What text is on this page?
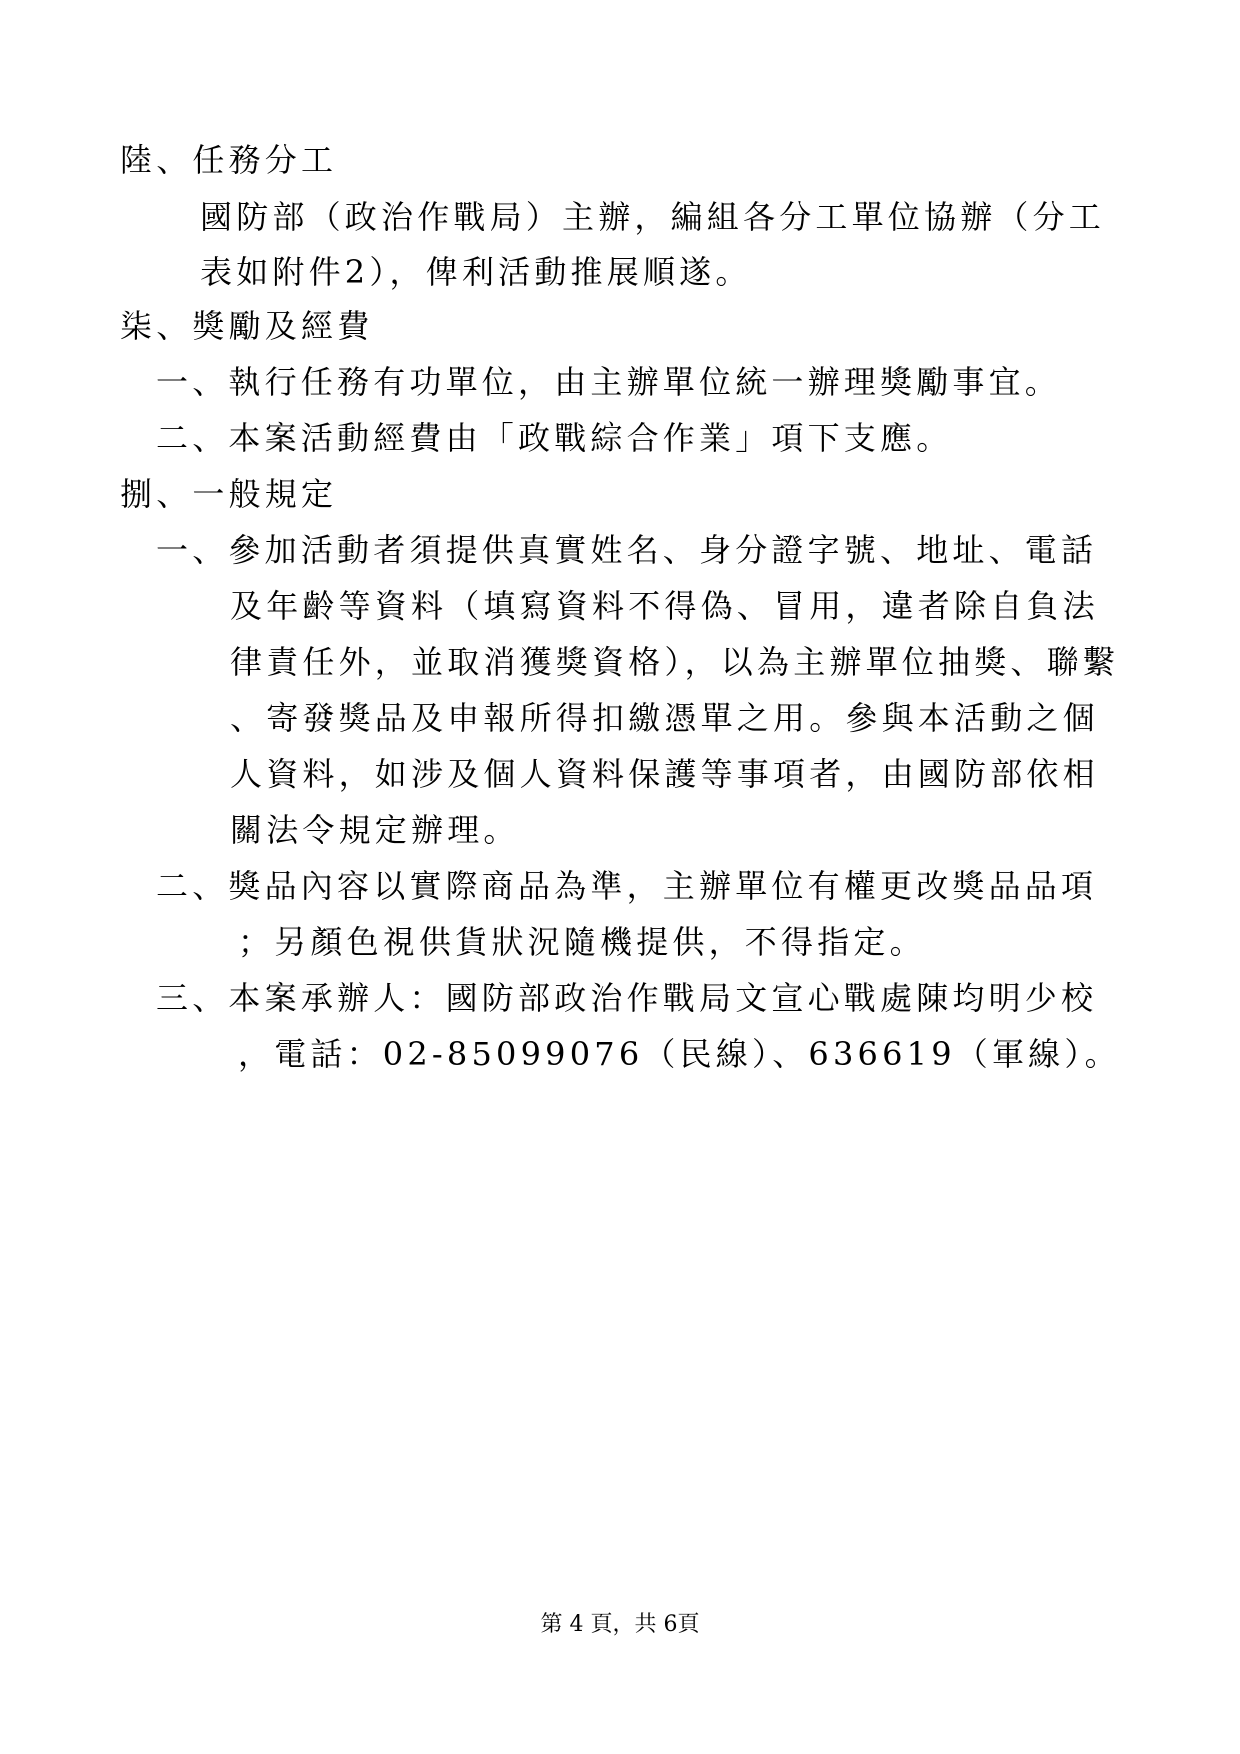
陸、任務分工
國防部（政治作戰局）主辦，編組各分工單位協辦（分工
表如附件2），俾利活動推展順遂。
柒、獎勵及經費
一、執行任務有功單位，由主辦單位統一辦理獎勵事宜。
二、本案活動經費由「政戰綜合作業」項下支應。
捌、一般規定
一、參加活動者須提供真實姓名、身分證字號、地址、電話
及年齡等資料（填寫資料不得偽、冒用，違者除自負法
律責任外，並取消獲獎資格），以為主辦單位抽獎、聯繫
、寄發獎品及申報所得扣繳憑單之用。參與本活動之個
人資料，如涉及個人資料保護等事項者，由國防部依相
關法令規定辦理。
二、獎品內容以實際商品為準，主辦單位有權更改獎品品項
；另顏色視供貨狀況隨機提供，不得指定。
三、本案承辦人：國防部政治作戰局文宣心戰處陳均明少校
，電話：02-85099076（民線）、636619（軍線）。
第 4 頁，共 6頁
